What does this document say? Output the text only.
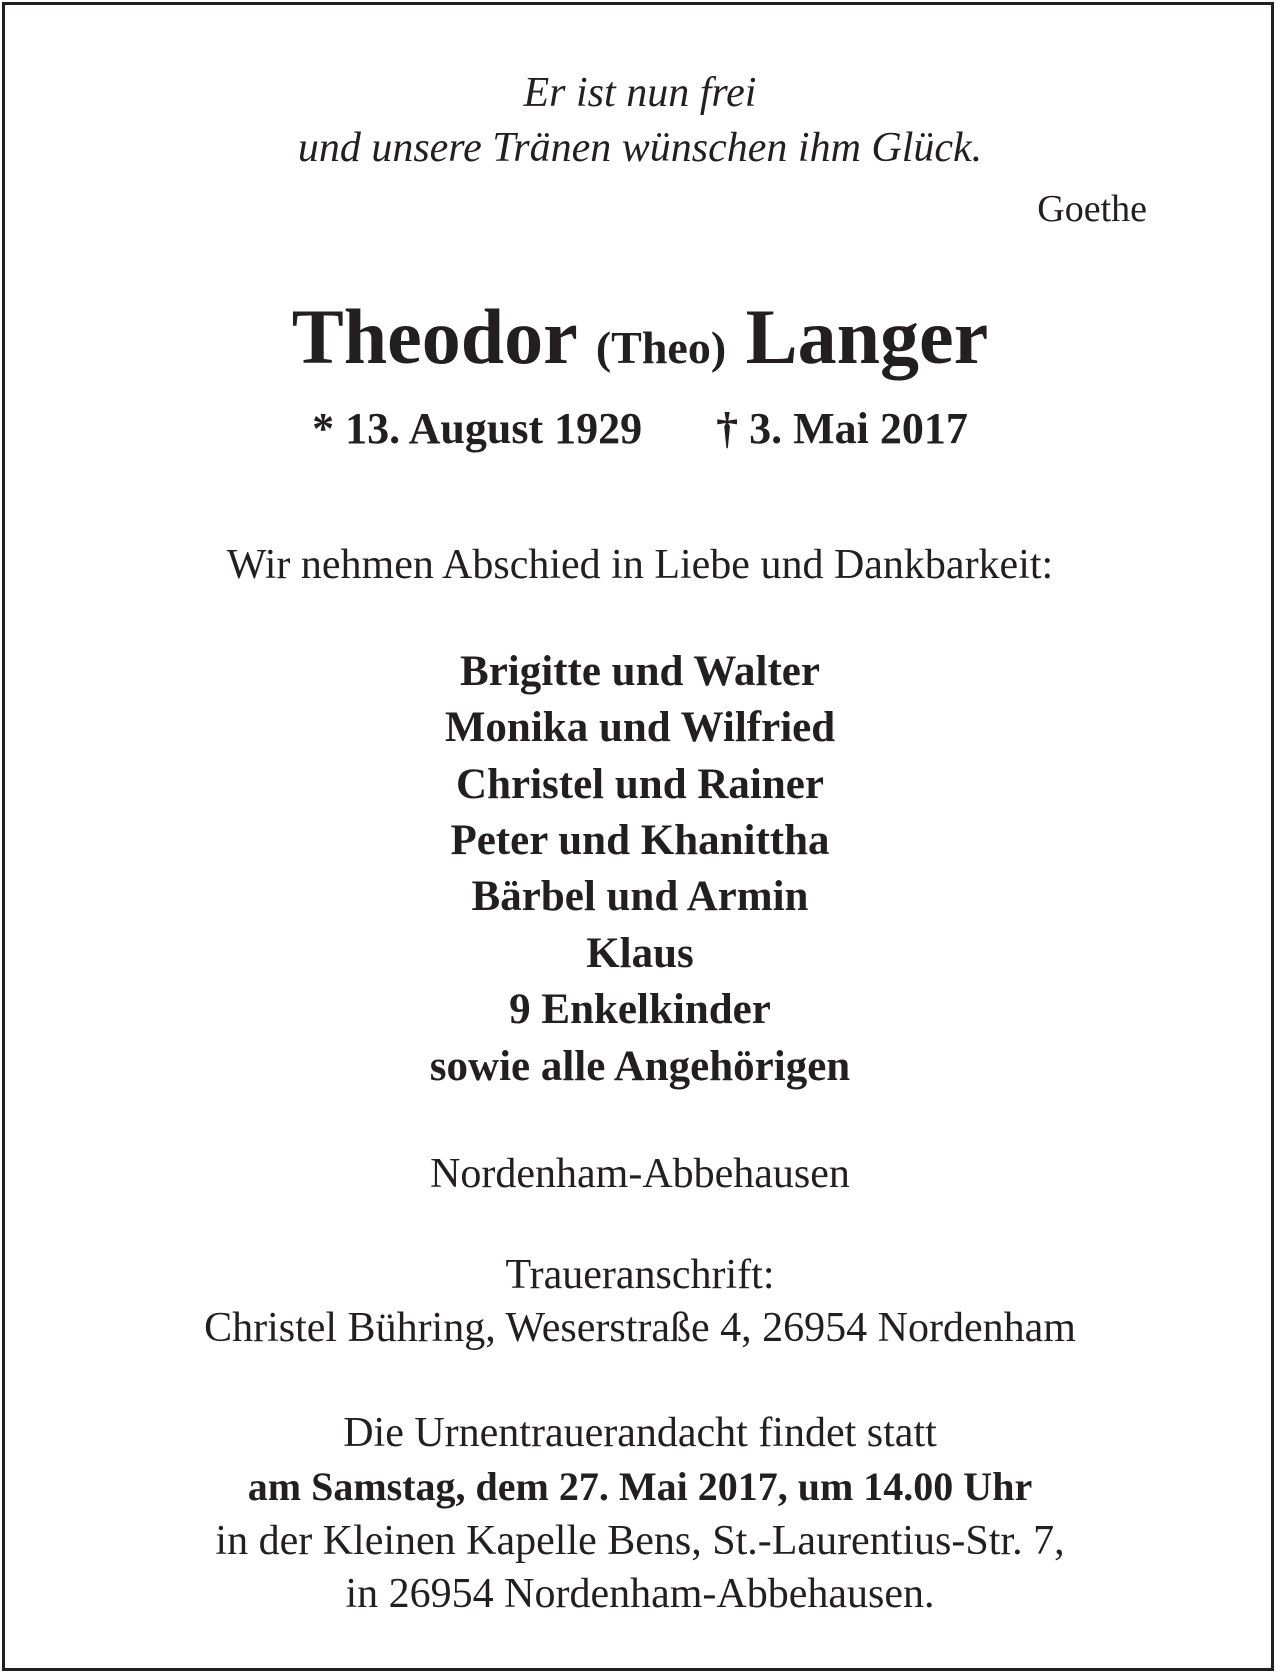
Er ist nun frei
und unsere Tränen wünschen ihm Glück.
Goethe
Theodor (Theo) Langer
* 13. August 1929 † 3. Mai 2017
Wir nehmen Abschied in Liebe und Dankbarkeit:
Brigitte und Walter
Monika und Wilfried
Christel und Rainer
Peter und Khanittha
Bärbel und Armin
Klaus
9 Enkelkinder
sowie alle Angehörigen
Nordenham-Abbehausen
Traueranschrift:
Christel Bühring, Weserstraße 4, 26954 Nordenham
Die Urnentrauerandacht findet statt
am Samstag, dem 27. Mai 2017, um 14.00 Uhr
in der Kleinen Kapelle Bens, St.-Laurentius-Str. 7,
in 26954 Nordenham-Abbehausen.
